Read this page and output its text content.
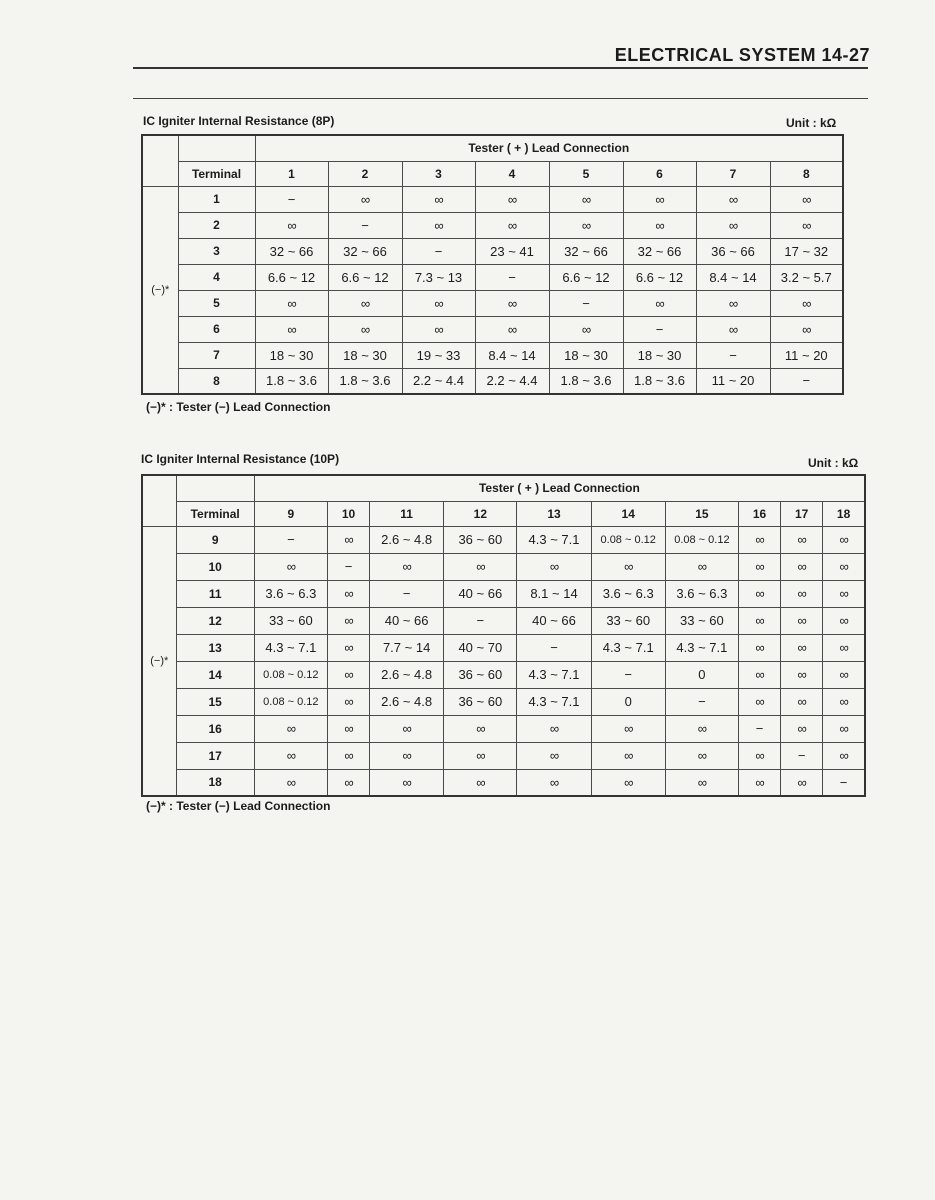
ELECTRICAL SYSTEM 14-27
IC Igniter Internal Resistance (8P)	Unit : kΩ
		Tester ( + ) Lead Connection							
	Terminal	1	2	3	4	5	6	7	8
(−)*	1	−	∞	∞	∞	∞	∞	∞	∞
	2	∞	−	∞	∞	∞	∞	∞	∞
	3	32 ~ 66	32 ~ 66	−	23 ~ 41	32 ~ 66	32 ~ 66	36 ~ 66	17 ~ 32
	4	6.6 ~ 12	6.6 ~ 12	7.3 ~ 13	−	6.6 ~ 12	6.6 ~ 12	8.4 ~ 14	3.2 ~ 5.7
	5	∞	∞	∞	∞	−	∞	∞	∞
	6	∞	∞	∞	∞	∞	−	∞	∞
	7	18 ~ 30	18 ~ 30	19 ~ 33	8.4 ~ 14	18 ~ 30	18 ~ 30	−	11 ~ 20
	8	1.8 ~ 3.6	1.8 ~ 3.6	2.2 ~ 4.4	2.2 ~ 4.4	1.8 ~ 3.6	1.8 ~ 3.6	11 ~ 20	−
(−)* : Tester (−) Lead Connection
IC Igniter Internal Resistance (10P)	Unit : kΩ
		Tester ( + ) Lead Connection									
	Terminal	9	10	11	12	13	14	15	16	17	18
(−)*	9	−	∞	2.6 ~ 4.8	36 ~ 60	4.3 ~ 7.1	0.08 ~ 0.12	0.08 ~ 0.12	∞	∞	∞
	10	∞	−	∞	∞	∞	∞	∞	∞	∞	∞
	11	3.6 ~ 6.3	∞	−	40 ~ 66	8.1 ~ 14	3.6 ~ 6.3	3.6 ~ 6.3	∞	∞	∞
	12	33 ~ 60	∞	40 ~ 66	−	40 ~ 66	33 ~ 60	33 ~ 60	∞	∞	∞
	13	4.3 ~ 7.1	∞	7.7 ~ 14	40 ~ 70	−	4.3 ~ 7.1	4.3 ~ 7.1	∞	∞	∞
	14	0.08 ~ 0.12	∞	2.6 ~ 4.8	36 ~ 60	4.3 ~ 7.1	−	0	∞	∞	∞
	15	0.08 ~ 0.12	∞	2.6 ~ 4.8	36 ~ 60	4.3 ~ 7.1	0	−	∞	∞	∞
	16	∞	∞	∞	∞	∞	∞	∞	−	∞	∞
	17	∞	∞	∞	∞	∞	∞	∞	∞	−	∞
	18	∞	∞	∞	∞	∞	∞	∞	∞	∞	−
(−)* : Tester (−) Lead Connection
